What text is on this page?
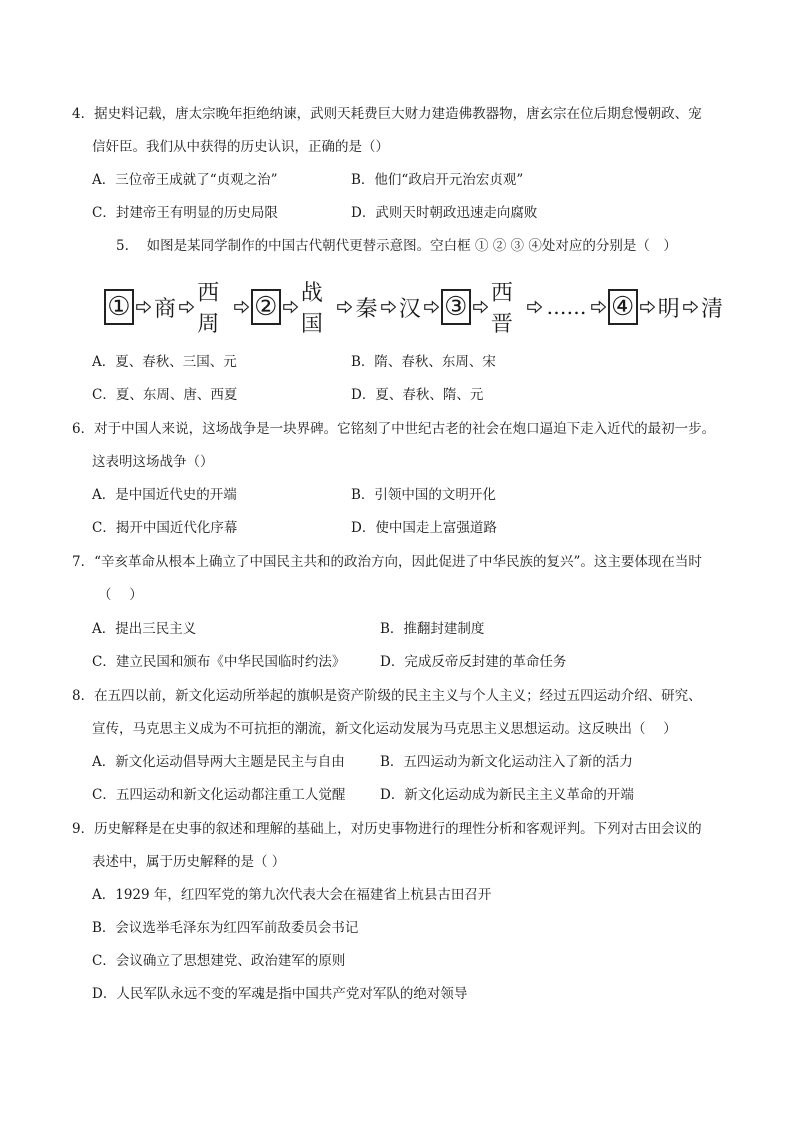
4．据史料记载，唐太宗晚年拒绝纳谏，武则天耗费巨大财力建造佛教器物，唐玄宗在位后期怠慢朝政、宠
信奸臣。我们从中获得的历史认识，正确的是（）
A．三位帝王成就了“贞观之治”	B．他们“政启开元治宏贞观”
C．封建帝王有明显的历史局限	D．武则天时朝政迅速走向腐败
5.　 如图是某同学制作的中国古代朝代更替示意图。空白框 ① ② ③ ④处对应的分别是（　）
① 商
西周
② 战国
秦 汉 ③ 西晋
…… ④ 明 清
A．夏、春秋、三国、元	B．隋、春秋、东周、宋
C．夏、东周、唐、西夏	D．夏、春秋、隋、元
6．对于中国人来说，这场战争是一块界碑。它铭刻了中世纪古老的社会在炮口逼迫下走入近代的最初一步。
这表明这场战争（）
A．是中国近代史的开端	B．引领中国的文明开化
C．揭开中国近代化序幕	D．使中国走上富强道路
7．“辛亥革命从根本上确立了中国民主共和的政治方向，因此促进了中华民族的复兴”。这主要体现在当时
（　 ）
A．提出三民主义	B．推翻封建制度
C．建立民国和颁布《中华民国临时约法》	D．完成反帝反封建的革命任务
8．在五四以前，新文化运动所举起的旗帜是资产阶级的民主主义与个人主义；经过五四运动介绍、研究、
宣传，马克思主义成为不可抗拒的潮流，新文化运动发展为马克思主义思想运动。这反映出（　 ）
A．新文化运动倡导两大主题是民主与自由	B．五四运动为新文化运动注入了新的活力
C．五四运动和新文化运动都注重工人觉醒	D．新文化运动成为新民主主义革命的开端
9．历史解释是在史事的叙述和理解的基础上，对历史事物进行的理性分析和客观评判。下列对古田会议的
表述中，属于历史解释的是（ ）
A．1929 年，红四军党的第九次代表大会在福建省上杭县古田召开
B．会议选举毛泽东为红四军前敌委员会书记
C．会议确立了思想建党、政治建军的原则
D．人民军队永远不变的军魂是指中国共产党对军队的绝对领导
